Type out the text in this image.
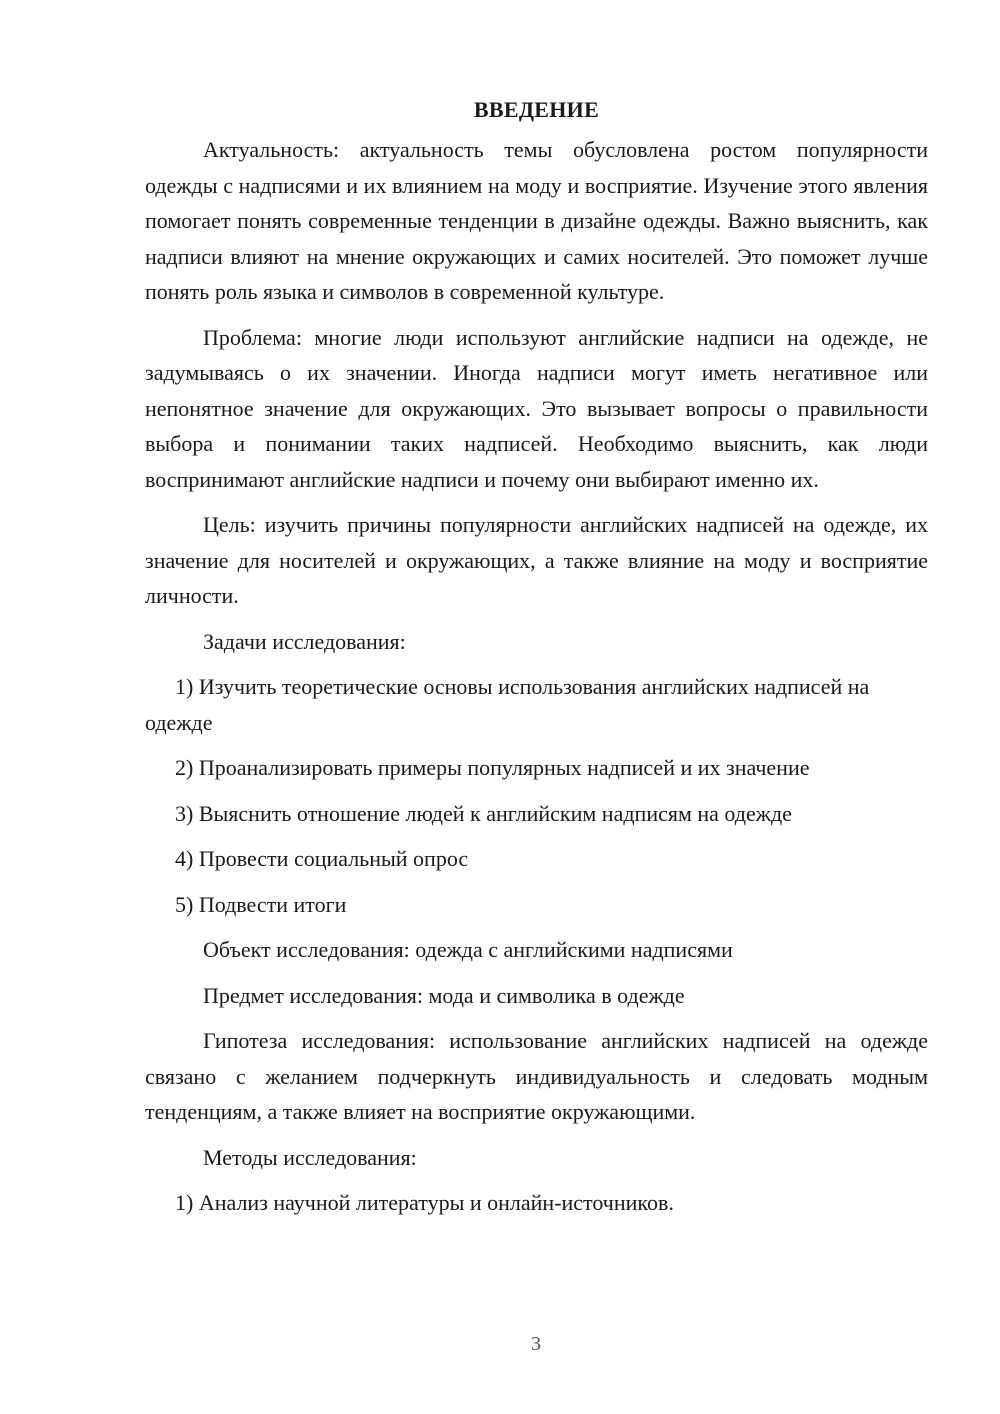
ВВЕДЕНИЕ

Актуальность: актуальность темы обусловлена ростом популярности одежды с надписями и их влиянием на моду и восприятие. Изучение этого явления помогает понять современные тенденции в дизайне одежды. Важно выяснить, как надписи влияют на мнение окружающих и самих носителей. Это поможет лучше понять роль языка и символов в современной культуре.

Проблема: многие люди используют английские надписи на одежде, не задумываясь о их значении. Иногда надписи могут иметь негативное или непонятное значение для окружающих. Это вызывает вопросы о правильности выбора и понимании таких надписей. Необходимо выяснить, как люди воспринимают английские надписи и почему они выбирают именно их.

Цель: изучить причины популярности английских надписей на одежде, их значение для носителей и окружающих, а также влияние на моду и восприятие личности.

Задачи исследования:

1) Изучить теоретические основы использования английских надписей на одежде

2) Проанализировать примеры популярных надписей и их значение

3) Выяснить отношение людей к английским надписям на одежде

4) Провести социальный опрос

5) Подвести итоги

Объект исследования: одежда с английскими надписями

Предмет исследования: мода и символика в одежде

Гипотеза исследования: использование английских надписей на одежде связано с желанием подчеркнуть индивидуальность и следовать модным тенденциям, а также влияет на восприятие окружающими.

Методы исследования:

1) Анализ научной литературы и онлайн-источников.

3
